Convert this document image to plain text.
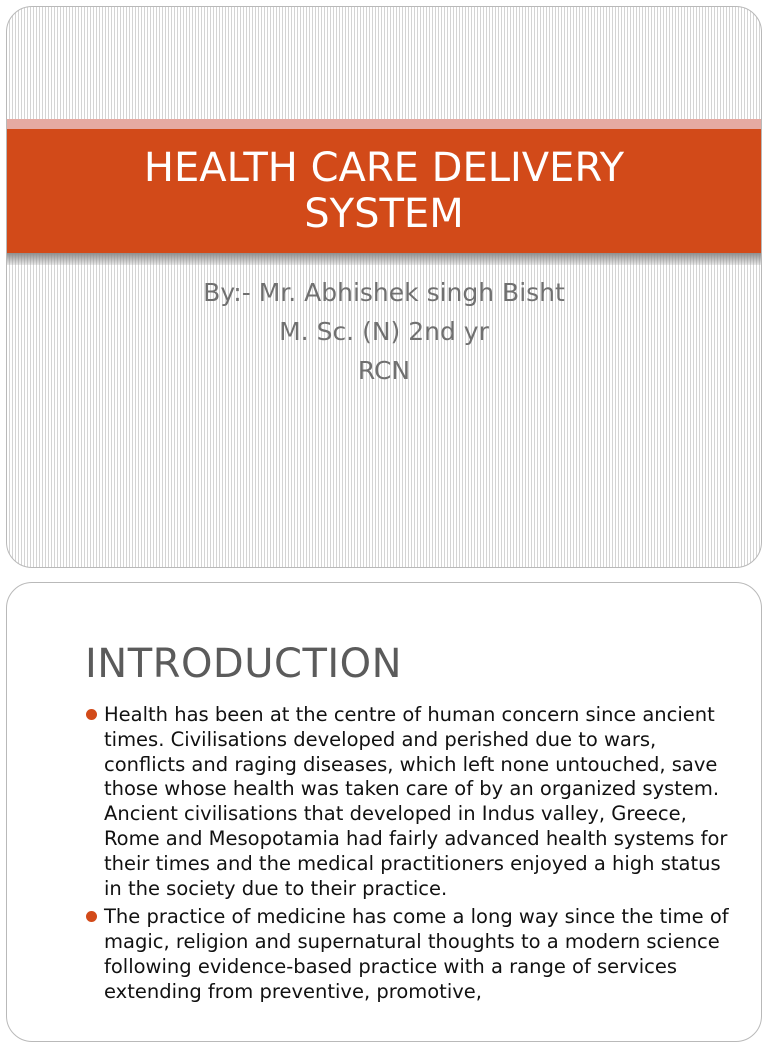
HEALTH CARE DELIVERY
SYSTEM
By:- Mr. Abhishek singh Bisht
M. Sc. (N) 2nd yr
RCN
INTRODUCTION
Health has been at the centre of human concern since ancient times. Civilisations developed and perished due to wars, conflicts and raging diseases, which left none untouched, save those whose health was taken care of by an organized system. Ancient civilisations that developed in Indus valley, Greece, Rome and Mesopotamia had fairly advanced health systems for their times and the medical practitioners enjoyed a high status in the society due to their practice.
The practice of medicine has come a long way since the time of magic, religion and supernatural thoughts to a modern science following evidence-based practice with a range of services extending from preventive, promotive,
